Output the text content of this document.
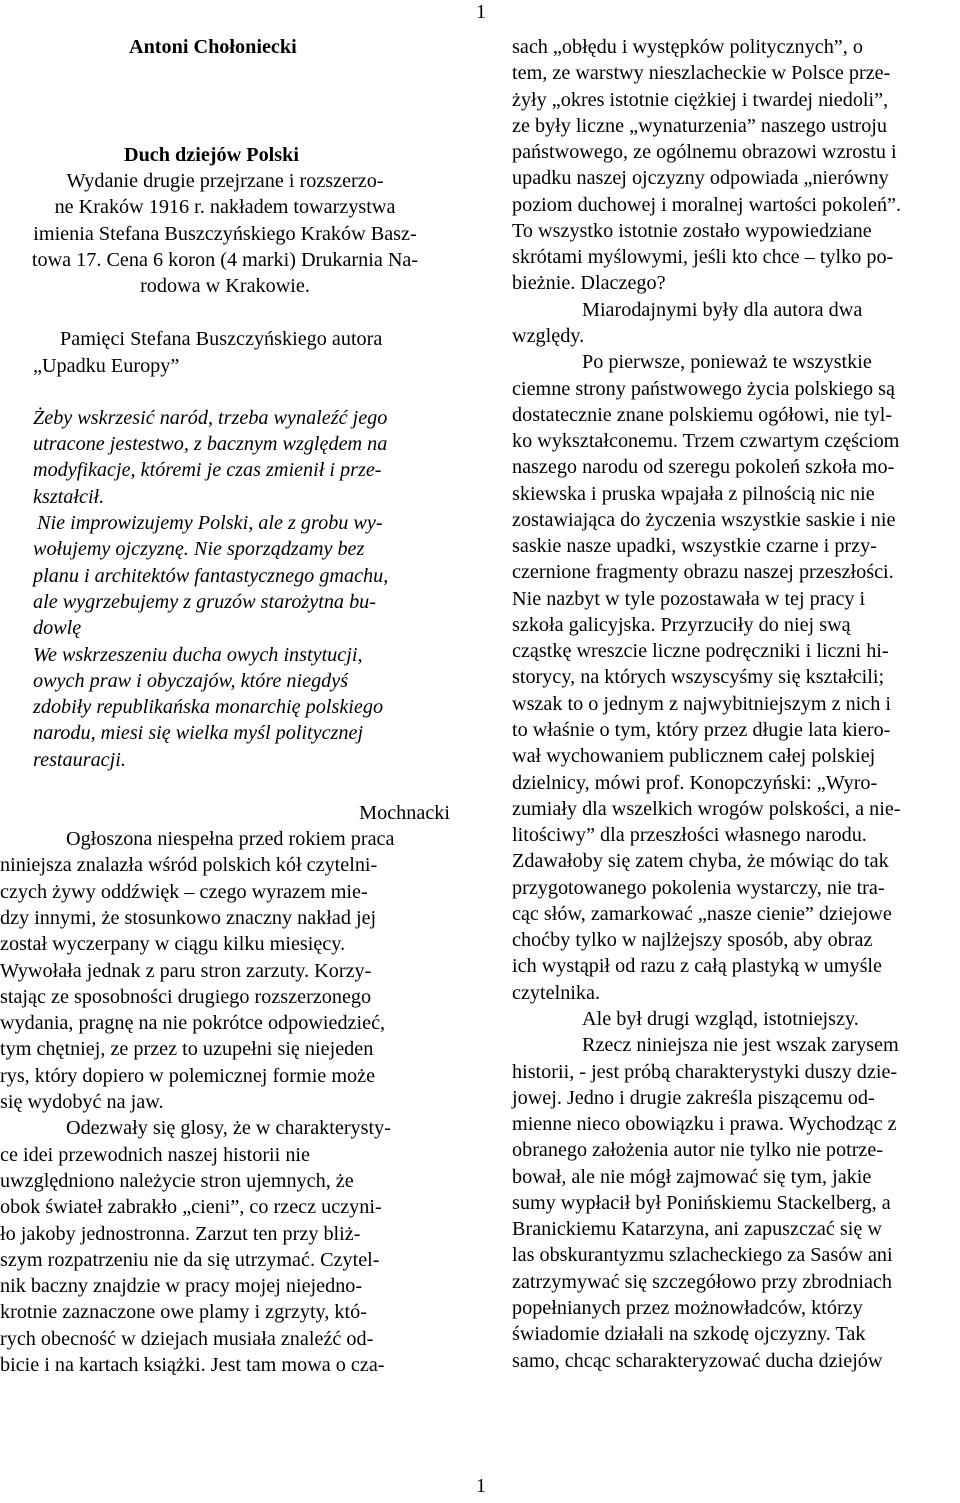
1
Antoni Chołoniecki
Duch dziejów Polski
Wydanie drugie przejrzane i rozszerzo-
ne Kraków 1916 r. nakładem towarzystwa
imienia Stefana Buszczyńskiego Kraków Basz-
towa 17. Cena 6 koron (4 marki) Drukarnia Na-
rodowa w Krakowie.
Pamięci Stefana Buszczyńskiego autora
„Upadku Europy”
Żeby wskrzesić naród, trzeba wynaleźć jego
utracone jestestwo, z bacznym względem na
modyfikacje, któremi je czas zmienił i prze-
kształcił.
Nie improwizujemy Polski, ale z grobu wy-
wołujemy ojczyznę. Nie sporządzamy bez
planu i architektów fantastycznego gmachu,
ale wygrzebujemy z gruzów starożytna bu-
dowlę
We wskrzeszeniu ducha owych instytucji,
owych praw i obyczajów, które niegdyś
zdobiły republikańska monarchię polskiego
narodu, miesi się wielka myśl politycznej
restauracji.
Mochnacki
Ogłoszona niespełna przed rokiem praca
niniejsza znalazła wśród polskich kół czytelni-
czych żywy oddźwięk – czego wyrazem mie-
dzy innymi, że stosunkowo znaczny nakład jej
został wyczerpany w ciągu kilku miesięcy.
Wywołała jednak z paru stron zarzuty. Korzy-
stając ze sposobności drugiego rozszerzonego
wydania, pragnę na nie pokrótce odpowiedzieć,
tym chętniej, ze przez to uzupełni się niejeden
rys, który dopiero w polemicznej formie może
się wydobyć na jaw.
Odezwały się glosy, że w charakterysty-
ce idei przewodnich naszej historii nie
uwzględniono należycie stron ujemnych, że
obok świateł zabrakło „cieni”, co rzecz uczyni-
ło jakoby jednostronna. Zarzut ten przy bliż-
szym rozpatrzeniu nie da się utrzymać. Czytel-
nik baczny znajdzie w pracy mojej niejedno-
krotnie zaznaczone owe plamy i zgrzyty, któ-
rych obecność w dziejach musiała znaleźć od-
bicie i na kartach książki. Jest tam mowa o cza-
sach „obłędu i występków politycznych”, o
tem, ze warstwy nieszlacheckie w Polsce prze-
żyły „okres istotnie ciężkiej i twardej niedoli”,
ze były liczne „wynaturzenia” naszego ustroju
państwowego, ze ogólnemu obrazowi wzrostu i
upadku naszej ojczyzny odpowiada „nierówny
poziom duchowej i moralnej wartości pokoleń”.
To wszystko istotnie zostało wypowiedziane
skrótami myślowymi, jeśli kto chce – tylko po-
bieżnie. Dlaczego?
Miarodajnymi były dla autora dwa
względy.
Po pierwsze, ponieważ te wszystkie
ciemne strony państwowego życia polskiego są
dostatecznie znane polskiemu ogółowi, nie tyl-
ko wykształconemu. Trzem czwartym częściom
naszego narodu od szeregu pokoleń szkoła mo-
skiewska i pruska wpajała z pilnością nic nie
zostawiająca do życzenia wszystkie saskie i nie
saskie nasze upadki, wszystkie czarne i przy-
czernione fragmenty obrazu naszej przeszłości.
Nie nazbyt w tyle pozostawała w tej pracy i
szkoła galicyjska. Przyrzuciły do niej swą
cząstkę wreszcie liczne podręczniki i liczni hi-
storycy, na których wszyscyśmy się kształcili;
wszak to o jednym z najwybitniejszym z nich i
to właśnie o tym, który przez długie lata kiero-
wał wychowaniem publicznem całej polskiej
dzielnicy, mówi prof. Konopczyński: „Wyro-
zumiały dla wszelkich wrogów polskości, a nie-
litościwy” dla przeszłości własnego narodu.
Zdawałoby się zatem chyba, że mówiąc do tak
przygotowanego pokolenia wystarczy, nie tra-
cąc słów, zamarkować „nasze cienie” dziejowe
choćby tylko w najlżejszy sposób, aby obraz
ich wystąpił od razu z całą plastyką w umyśle
czytelnika.
Ale był drugi wzgląd, istotniejszy.
Rzecz niniejsza nie jest wszak zarysem
historii, - jest próbą charakterystyki duszy dzie-
jowej. Jedno i drugie zakreśla piszącemu od-
mienne nieco obowiązku i prawa. Wychodząc z
obranego założenia autor nie tylko nie potrze-
bował, ale nie mógł zajmować się tym, jakie
sumy wypłacił był Ponińskiemu Stackelberg, a
Branickiemu Katarzyna, ani zapuszczać się w
las obskurantyzmu szlacheckiego za Sasów ani
zatrzymywać się szczegółowo przy zbrodniach
popełnianych przez możnowładców, którzy
świadomie działali na szkodę ojczyzny. Tak
samo, chcąc scharakteryzować ducha dziejów
1
